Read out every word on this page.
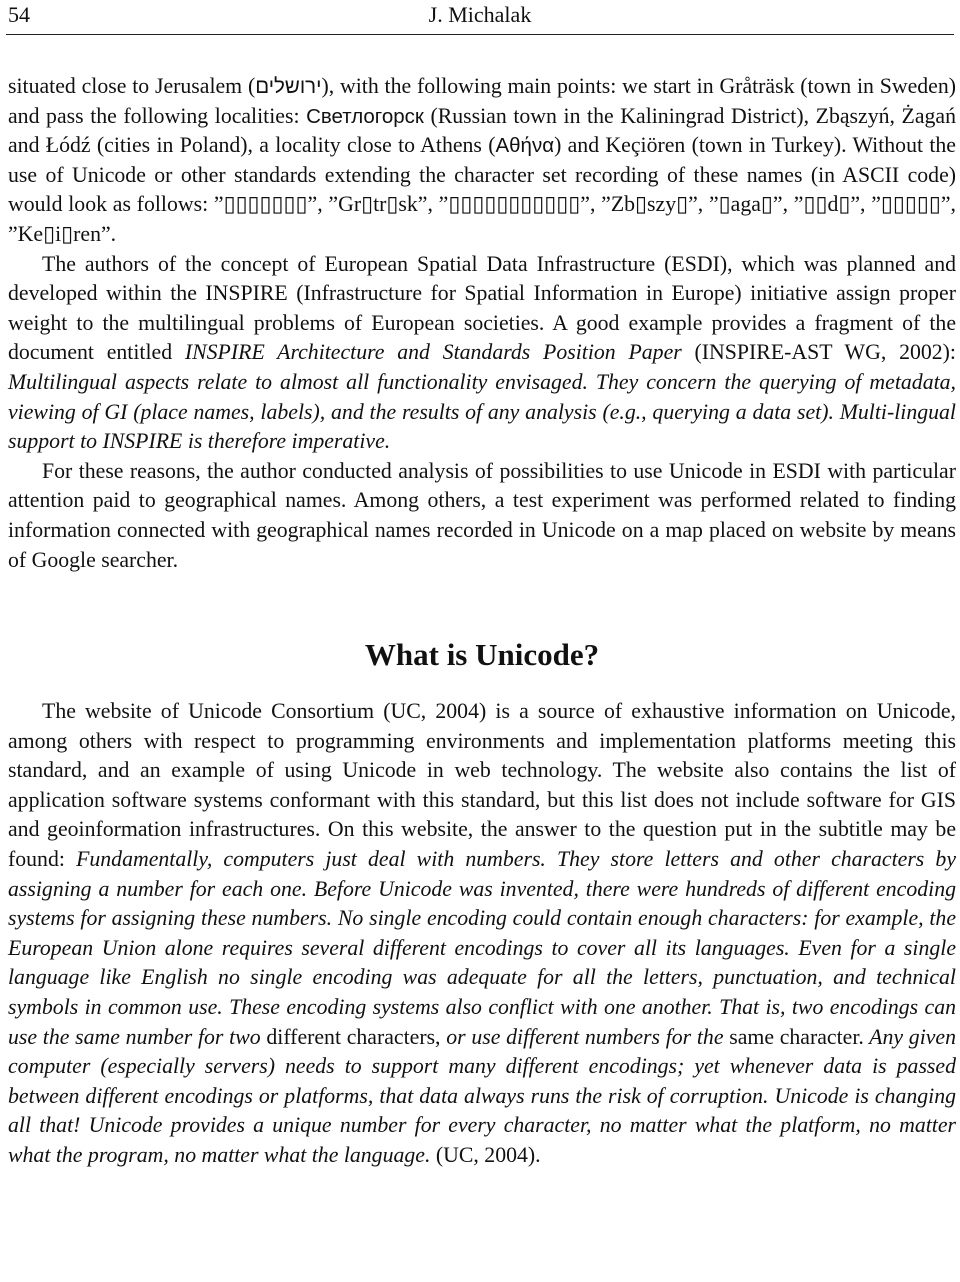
54	J. Michalak

situated close to Jerusalem (ירושלים), with the following main points: we start in Gråträsk (town in Sweden) and pass the following localities: Светлогорск (Russian town in the Kaliningrad District), Zbąszyń, Żagań and Łódź (cities in Poland), a locality close to Athens (Αθήνα) and Keçiören (town in Turkey). Without the use of Unicode or other standards extending the character set recording of these names (in ASCII code) would look as follows: ”▯▯▯▯▯▯▯”, ”Gr▯tr▯sk”, ”▯▯▯▯▯▯▯▯▯▯▯”, ”Zb▯szy▯”, ”▯aga▯”, ”▯▯d▯”, ”▯▯▯▯▯”, ”Ke▯i▯ren”.

The authors of the concept of European Spatial Data Infrastructure (ESDI), which was planned and developed within the INSPIRE (Infrastructure for Spatial Information in Europe) initiative assign proper weight to the multilingual problems of European societies. A good example provides a fragment of the document entitled INSPIRE Architecture and Standards Position Paper (INSPIRE-AST WG, 2002): Multilingual aspects relate to almost all functionality envisaged. They concern the querying of metadata, viewing of GI (place names, labels), and the results of any analysis (e.g., querying a data set). Multi-lingual support to INSPIRE is therefore imperative.

For these reasons, the author conducted analysis of possibilities to use Unicode in ESDI with particular attention paid to geographical names. Among others, a test experiment was performed related to finding information connected with geographical names recorded in Unicode on a map placed on website by means of Google searcher.

What is Unicode?

The website of Unicode Consortium (UC, 2004) is a source of exhaustive information on Unicode, among others with respect to programming environments and implementation platforms meeting this standard, and an example of using Unicode in web technology. The website also contains the list of application software systems conformant with this standard, but this list does not include software for GIS and geoinformation infrastructures. On this website, the answer to the question put in the subtitle may be found: Fundamentally, computers just deal with numbers. They store letters and other characters by assigning a number for each one. Before Unicode was invented, there were hundreds of different encoding systems for assigning these numbers. No single encoding could contain enough characters: for example, the European Union alone requires several different encodings to cover all its languages. Even for a single language like English no single encoding was adequate for all the letters, punctuation, and technical symbols in common use. These encoding systems also conflict with one another. That is, two encodings can use the same number for two different characters, or use different numbers for the same character. Any given computer (especially servers) needs to support many different encodings; yet whenever data is passed between different encodings or platforms, that data always runs the risk of corruption. Unicode is changing all that! Unicode provides a unique number for every character, no matter what the platform, no matter what the program, no matter what the language. (UC, 2004).
